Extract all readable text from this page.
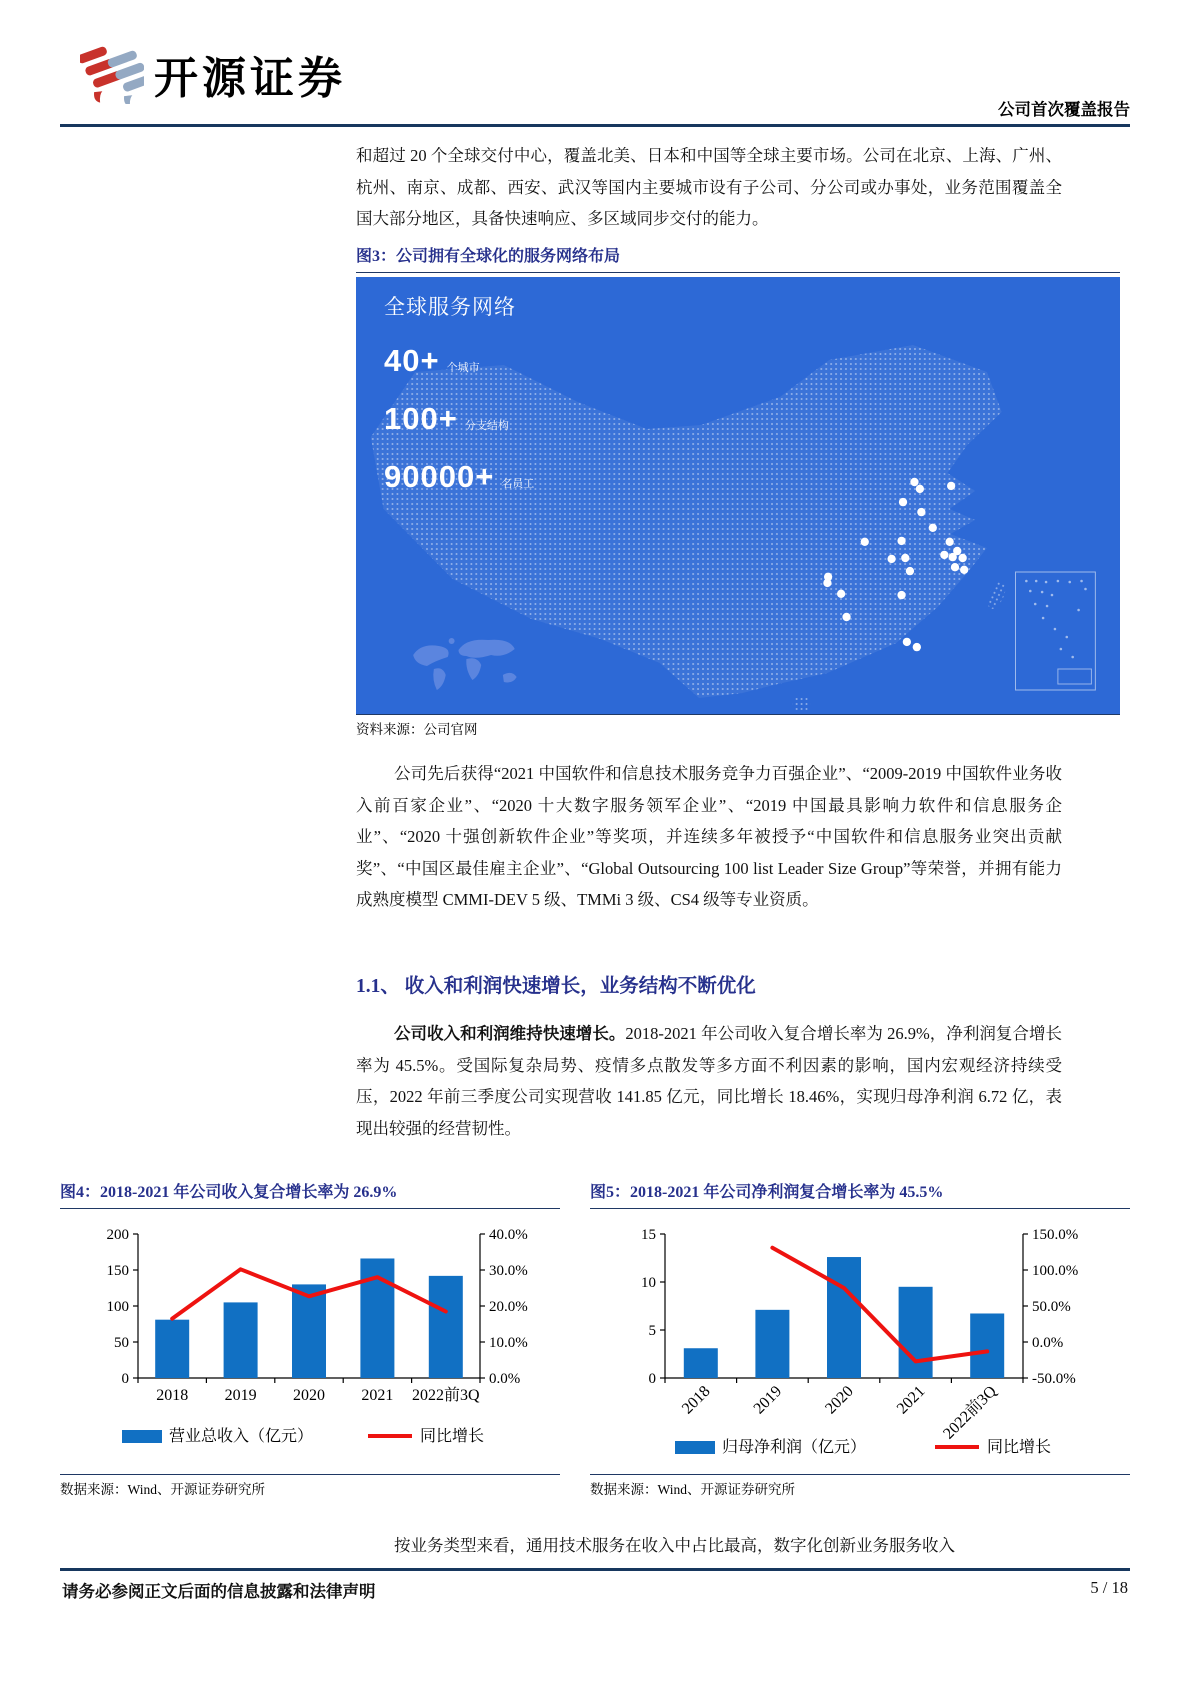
开源证券
公司首次覆盖报告
和超过 20 个全球交付中心，覆盖北美、日本和中国等全球主要市场。公司在北京、上海、广州、杭州、南京、成都、西安、武汉等国内主要城市设有子公司、分公司或办事处，业务范围覆盖全国大部分地区，具备快速响应、多区域同步交付的能力。
图3：公司拥有全球化的服务网络布局
全球服务网络
40+ 个城市
100+ 分支结构
90000+ 名员工
资料来源：公司官网
公司先后获得“2021 中国软件和信息技术服务竞争力百强企业”、“2009-2019 中国软件业务收入前百家企业”、“2020 十大数字服务领军企业”、“2019 中国最具影响力软件和信息服务企业”、“2020 十强创新软件企业”等奖项，并连续多年被授予“中国软件和信息服务业突出贡献奖”、“中国区最佳雇主企业”、“Global Outsourcing 100 list Leader Size Group”等荣誉，并拥有能力成熟度模型 CMMI-DEV 5 级、TMMi 3 级、CS4 级等专业资质。
1.1、 收入和利润快速增长，业务结构不断优化
公司收入和利润维持快速增长。2018-2021 年公司收入复合增长率为 26.9%，净利润复合增长率为 45.5%。受国际复杂局势、疫情多点散发等多方面不利因素的影响，国内宏观经济持续受压，2022 年前三季度公司实现营收 141.85 亿元，同比增长 18.46%，实现归母净利润 6.72 亿，表现出较强的经营韧性。
图4：2018-2021 年公司收入复合增长率为 26.9%
0
50
100
150
200
0.0%
10.0%
20.0%
30.0%
40.0%
2018 2019 2020 2021 2022前3Q
营业总收入（亿元）	同比增长
数据来源：Wind、开源证券研究所
图5：2018-2021 年公司净利润复合增长率为 45.5%
0
5
10
15
-50.0%
0.0%
50.0%
100.0%
150.0%
2018 2019 2020 2021 2022前3Q
归母净利润（亿元）	同比增长
数据来源：Wind、开源证券研究所
按业务类型来看，通用技术服务在收入中占比最高，数字化创新业务服务收入
请务必参阅正文后面的信息披露和法律声明	5 / 18
